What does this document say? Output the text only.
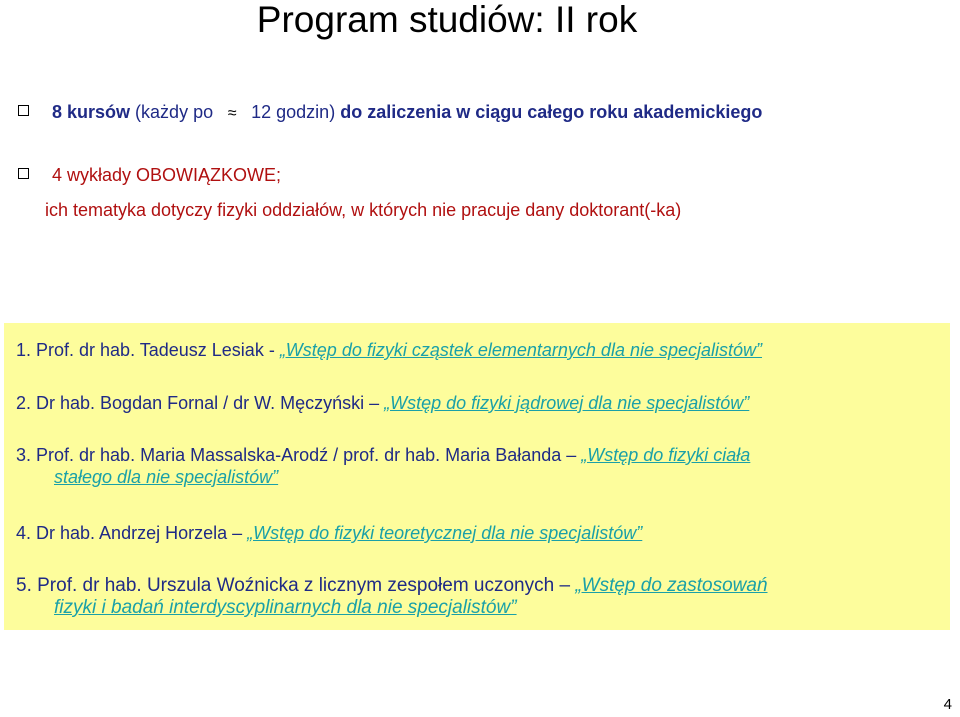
Program studiów: II rok
8 kursów (każdy po ≈ 12 godzin) do zaliczenia w ciągu całego roku akademickiego
4 wykłady OBOWIĄZKOWE;
ich tematyka dotyczy fizyki oddziałów, w których nie pracuje dany doktorant(-ka)
1. Prof. dr hab. Tadeusz Lesiak - „Wstęp do fizyki cząstek elementarnych dla nie specjalistów”
2. Dr hab. Bogdan Fornal / dr W. Męczyński – „Wstęp do fizyki jądrowej dla nie specjalistów”
3. Prof. dr hab. Maria Massalska-Arodź / prof. dr hab. Maria Bałanda – „Wstęp do fizyki ciała
stałego dla nie specjalistów”
4. Dr hab. Andrzej Horzela – „Wstęp do fizyki teoretycznej dla nie specjalistów”
5. Prof. dr hab. Urszula Woźnicka z licznym zespołem uczonych – „Wstęp do zastosowań
fizyki i badań interdyscyplinarnych dla nie specjalistów”
4
